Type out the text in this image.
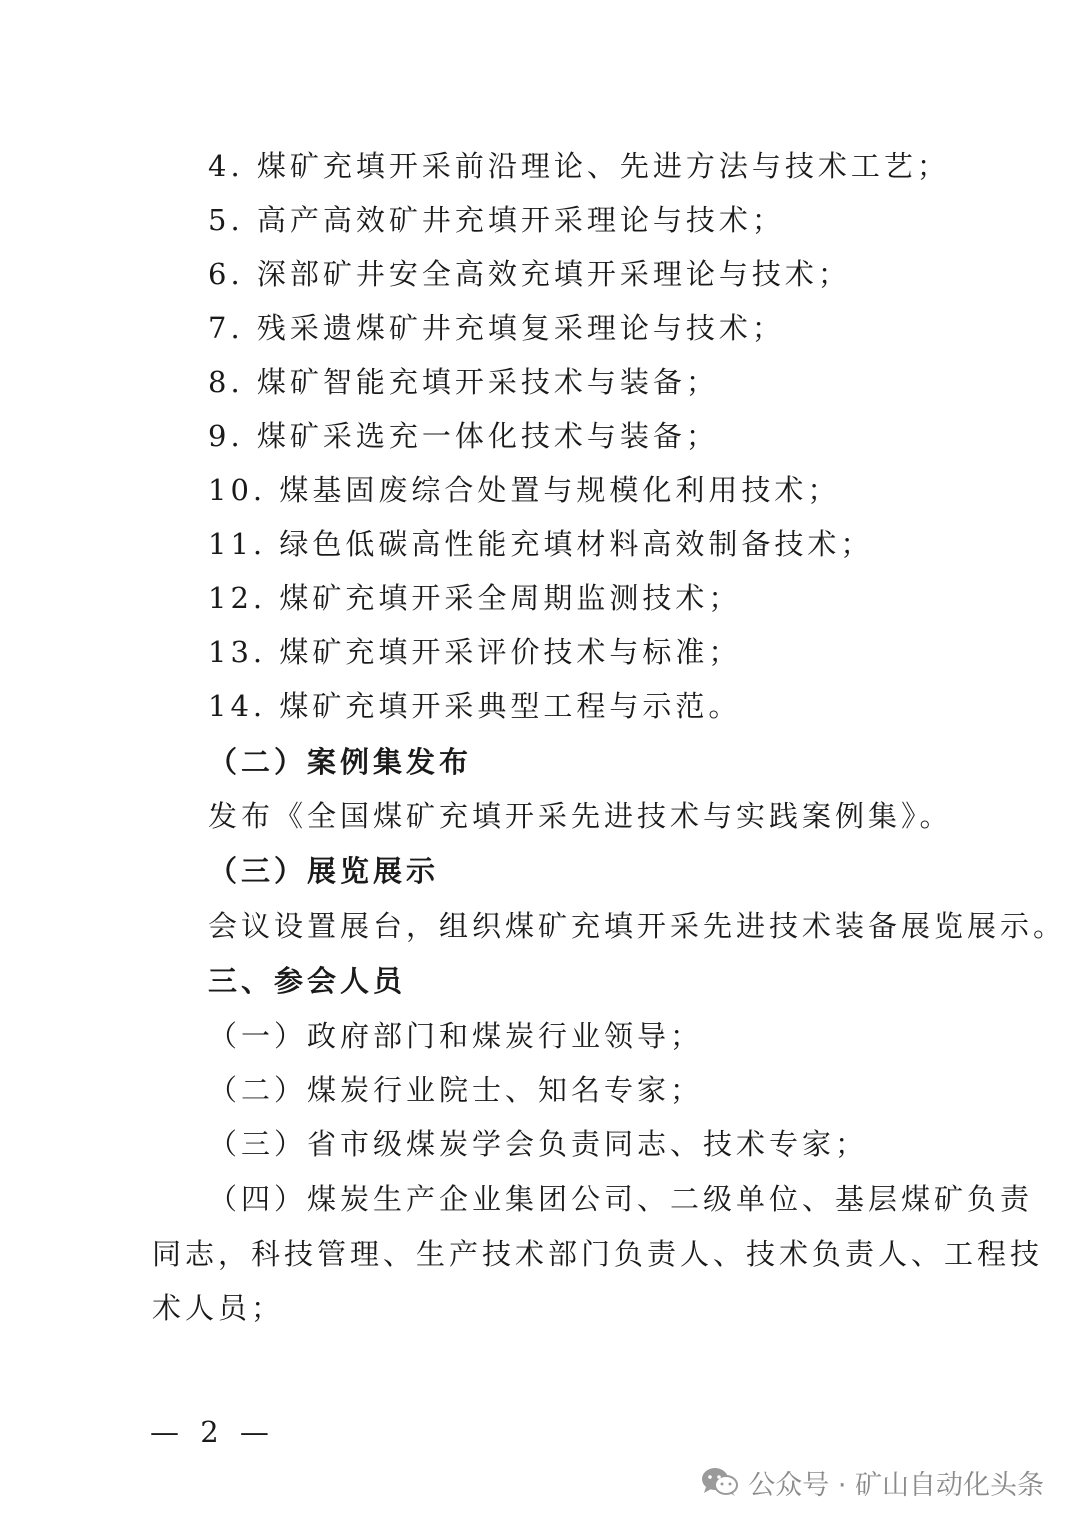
4. 煤矿充填开采前沿理论、先进方法与技术工艺；
5. 高产高效矿井充填开采理论与技术；
6. 深部矿井安全高效充填开采理论与技术；
7. 残采遗煤矿井充填复采理论与技术；
8. 煤矿智能充填开采技术与装备；
9. 煤矿采选充一体化技术与装备；
10. 煤基固废综合处置与规模化利用技术；
11. 绿色低碳高性能充填材料高效制备技术；
12. 煤矿充填开采全周期监测技术；
13. 煤矿充填开采评价技术与标准；
14. 煤矿充填开采典型工程与示范。
（二）案例集发布
发布《全国煤矿充填开采先进技术与实践案例集》。
（三）展览展示
会议设置展台，组织煤矿充填开采先进技术装备展览展示。
三、参会人员
（一）政府部门和煤炭行业领导；
（二）煤炭行业院士、知名专家；
（三）省市级煤炭学会负责同志、技术专家；
（四）煤炭生产企业集团公司、二级单位、基层煤矿负责
同志，科技管理、生产技术部门负责人、技术负责人、工程技
术人员；
— 2 —
公众号 · 矿山自动化头条
